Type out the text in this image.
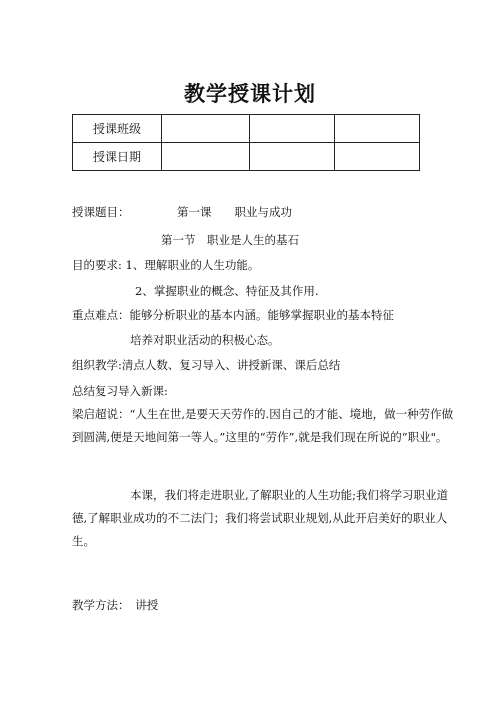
教学授课计划
授课班级			
授课日期			
授课题目：	第一课　　职业与成功
第一节　职业是人生的基石
目的要求: 1、理解职业的人生功能。
2、掌握职业的概念、特征及其作用.
重点难点：能够分析职业的基本内涵。能够掌握职业的基本特征
培养对职业活动的积极心态。
组织教学:清点人数、复习导入、讲授新课、课后总结
总结复习导入新课:

梁启超说：“人生在世,是要天天劳作的.因自己的才能、境地，做一种劳作做到圆满,便是天地间第一等人。”这里的“劳作”,就是我们现在所说的“职业"。

本课，我们将走进职业,了解职业的人生功能;我们将学习职业道德,了解职业成功的不二法门；我们将尝试职业规划,从此开启美好的职业人生。

教学方法：　讲授
